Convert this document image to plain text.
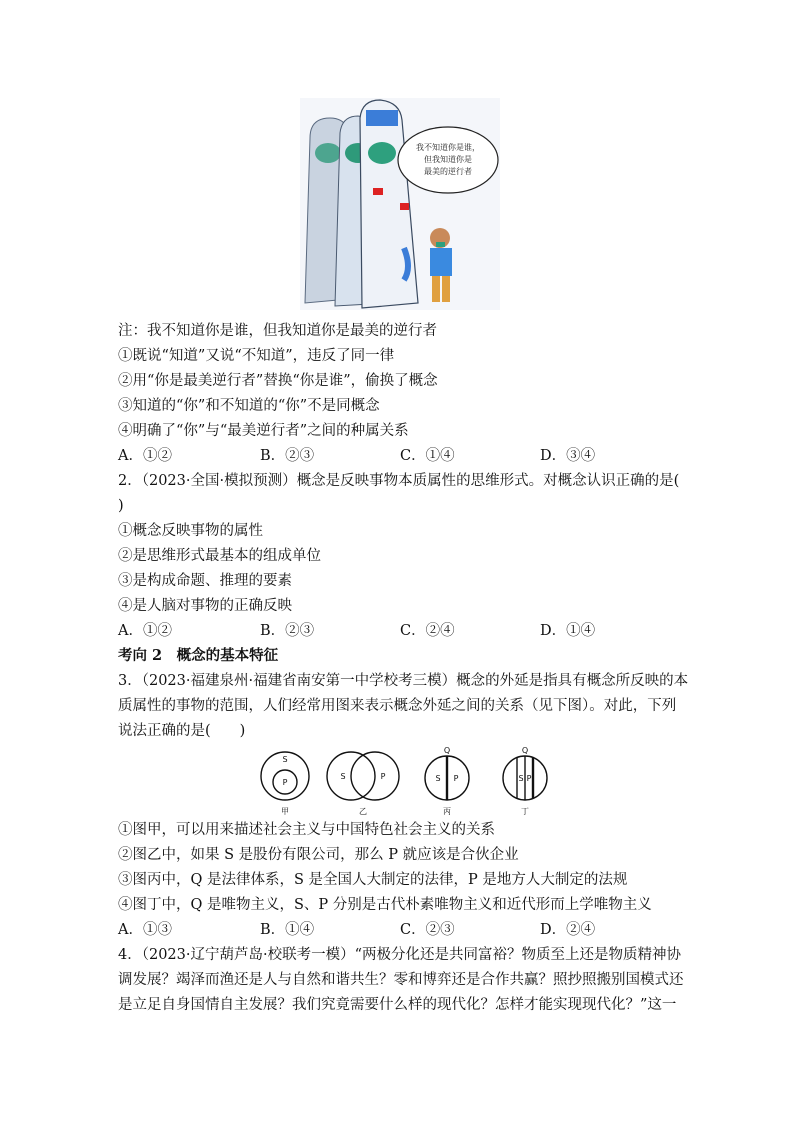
我不知道你是谁，
但我知道你是
最美的逆行者
注：我不知道你是谁，但我知道你是最美的逆行者
①既说“知道”又说“不知道”，违反了同一律
②用“你是最美逆行者”替换“你是谁”，偷换了概念
③知道的“你”和不知道的“你”不是同概念
④明确了“你”与“最美逆行者”之间的种属关系
A．①②	B．②③	C．①④	D．③④
2．（2023·全国·模拟预测）概念是反映事物本质属性的思维形式。对概念认识正确的是(
)
①概念反映事物的属性
②是思维形式最基本的组成单位
③是构成命题、推理的要素
④是人脑对事物的正确反映
A．①②	B．②③	C．②④	D．①④
考向 2　概念的基本特征
3．（2023·福建泉州·福建省南安第一中学校考三模）概念的外延是指具有概念所反映的本
质属性的事物的范围，人们经常用图来表示概念外延之间的关系（见下图）。对此，下列
说法正确的是(　　)
S
P
甲
S	P
乙
Q
S P
丙
Q
S P
丁
①图甲，可以用来描述社会主义与中国特色社会主义的关系
②图乙中，如果 S 是股份有限公司，那么 P 就应该是合伙企业
③图丙中，Q 是法律体系，S 是全国人大制定的法律，P 是地方人大制定的法规
④图丁中，Q 是唯物主义，S、P 分别是古代朴素唯物主义和近代形而上学唯物主义
A．①③	B．①④	C．②③	D．②④
4．（2023·辽宁葫芦岛·校联考一模）“两极分化还是共同富裕？物质至上还是物质精神协
调发展？竭泽而渔还是人与自然和谐共生？零和博弈还是合作共赢？照抄照搬别国模式还
是立足自身国情自主发展？我们究竟需要什么样的现代化？怎样才能实现现代化？”这一
